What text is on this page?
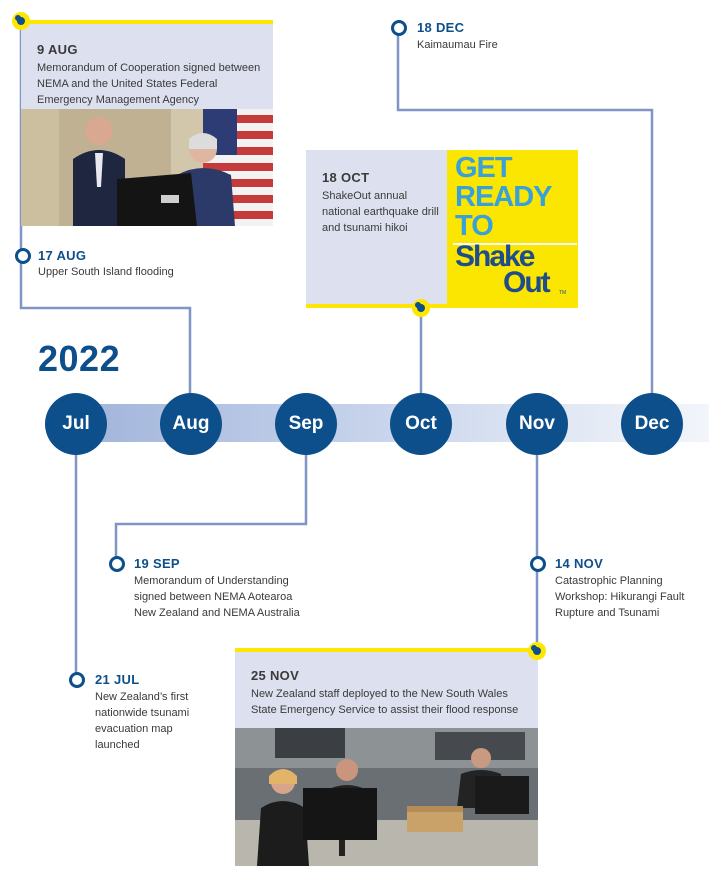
2022
Jul	Aug	Sep	Oct	Nov	Dec
9 AUG
Memorandum of Cooperation signed between NEMA and the United States Federal Emergency Management Agency
17 AUG
Upper South Island flooding
18 DEC
Kaimaumau Fire
18 OCT
ShakeOut annual national earthquake drill and tsunami hikoi
GET
READY
TO
Shake
Out TM
19 SEP
Memorandum of Understanding signed between NEMA Aotearoa New Zealand and NEMA Australia
14 NOV
Catastrophic Planning Workshop: Hikurangi Fault Rupture and Tsunami
21 JUL
New Zealand’s first nationwide tsunami evacuation map launched
25 NOV
New Zealand staff deployed to the New South Wales State Emergency Service to assist their flood response
